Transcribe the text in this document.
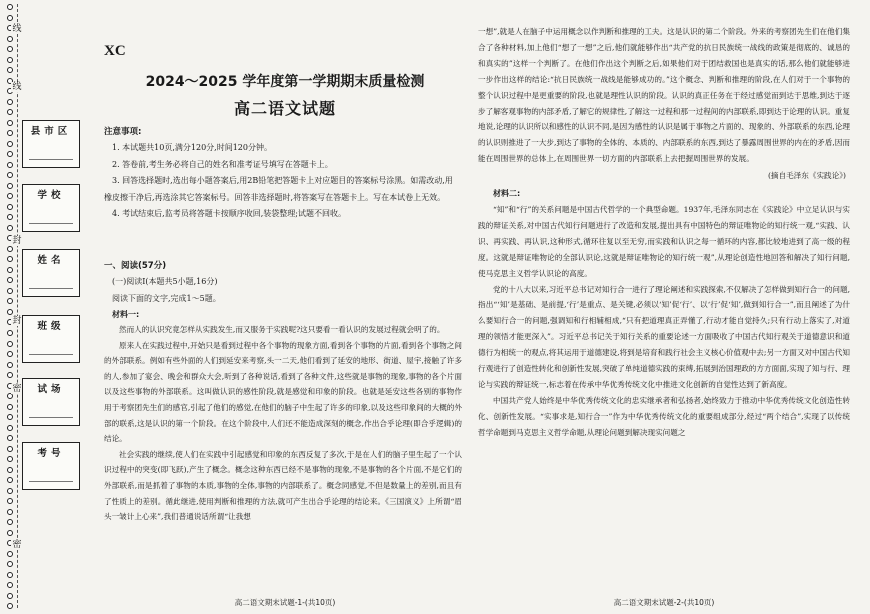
线
线
封
封
密
密
县市区
学校
姓名
班级
试场
考号
XC
2024～2025 学年度第一学期期末质量检测
高二语文试题
注意事项:

1. 本试题共10页,满分120分,时间120分钟。

2. 答卷前,考生务必将自己的姓名和准考证号填写在答题卡上。

3. 回答选择题时,选出每小题答案后,用2B铅笔把答题卡上对应题目的答案标号涂黑。如需改动,用橡皮擦干净后,再选涂其它答案标号。回答非选择题时,将答案写在答题卡上。写在本试卷上无效。

4. 考试结束后,监考员将答题卡按顺序收回,装袋整理;试题不回收。

一、阅读(57分)
(一)阅读Ⅰ(本题共5小题,16分)
阅读下面的文字,完成1～5题。
材料一:

然而人的认识究竟怎样从实践发生,而又服务于实践呢?这只要看一看认识的发展过程就会明了的。

原来人在实践过程中,开始只是看到过程中各个事物的现象方面,看到各个事物的片面,看到各个事物之间的外部联系。例如有些外面的人们到延安来考察,头一二天,他们看到了延安的地形、街道、屋宇,接触了许多的人,参加了宴会、晚会和群众大会,听到了各种说话,看到了各种文件,这些就是事物的现象,事物的各个片面以及这些事物的外部联系。这叫做认识的感性阶段,就是感觉和印象的阶段。也就是延安这些各别的事物作用于考察团先生们的感官,引起了他们的感觉,在他们的脑子中生起了许多的印象,以及这些印象间的大概的外部的联系,这是认识的第一个阶段。在这个阶段中,人们还不能造成深刻的概念,作出合乎论理(即合乎逻辑)的结论。

社会实践的继续,使人们在实践中引起感觉和印象的东西反复了多次,于是在人们的脑子里生起了一个认识过程中的突变(即飞跃),产生了概念。概念这种东西已经不是事物的现象,不是事物的各个片面,不是它们的外部联系,而是抓着了事物的本质,事物的全体,事物的内部联系了。概念同感觉,不但是数量上的差别,而且有了性质上的差别。循此继进,使用判断和推理的方法,就可产生出合乎论理的结论来。《三国演义》上所谓“眉头一皱计上心来”,我们普通说话所谓“让我想

高二语文期末试题-1-(共10页)

一想”,就是人在脑子中运用概念以作判断和推理的工夫。这是认识的第二个阶段。外来的考察团先生们在他们集合了各种材料,加上他们“想了一想”之后,他们就能够作出“共产党的抗日民族统一战线的政策是彻底的、诚恳的和真实的”这样一个判断了。在他们作出这个判断之后,如果他们对于团结救国也是真实的话,那么他们就能够进一步作出这样的结论:“抗日民族统一战线是能够成功的。”这个概念、判断和推理的阶段,在人们对于一个事物的整个认识过程中是更重要的阶段,也就是理性认识的阶段。认识的真正任务在于经过感觉而到达于思维,到达于逐步了解客观事物的内部矛盾,了解它的规律性,了解这一过程和那一过程间的内部联系,即到达于论理的认识。重复地说,论理的认识所以和感性的认识不同,是因为感性的认识是属于事物之片面的、现象的、外部联系的东西,论理的认识则推进了一大步,到达了事物的全体的、本质的、内部联系的东西,到达了暴露周围世界的内在的矛盾,因而能在周围世界的总体上,在周围世界一切方面的内部联系上去把握周围世界的发展。

(摘自毛泽东《实践论》)

材料二:

“知”和“行”的关系问题是中国古代哲学的一个典型命题。1937年,毛泽东同志在《实践论》中立足认识与实践的辩证关系,对中国古代知行问题进行了改造和发展,提出具有中国特色的辩证唯物论的知行统一观,“实践、认识、再实践、再认识,这种形式,循环往复以至无穷,而实践和认识之每一循环的内容,都比较地进到了高一级的程度。这就是辩证唯物论的全部认识论,这就是辩证唯物论的知行统一观”,从理论创造性地回答和解决了知行问题,使马克思主义哲学认识论的高度。

党的十八大以来,习近平总书记对知行合一进行了理论阐述和实践探索,不仅解决了怎样做到知行合一的问题,指出“‘知’是基础、是前提,‘行’是重点、是关键,必须以‘知’促‘行’、以‘行’促‘知’,做到知行合一”,而且阐述了为什么要知行合一的问题,强调知和行相辅相成,“只有把道理真正弄懂了,行动才能自觉持久;只有行动上落实了,对道理的领悟才能更深入”。习近平总书记关于知行关系的重要论述一方面吸收了中国古代知行观关于道德意识和道德行为相统一的观点,将其运用于道德建设,将到是培育和践行社会主义核心价值观中去;另一方面又对中国古代知行观进行了创造性转化和创新性发展,突破了单纯道德实践的束缚,拓展到治国理政的方方面面,实现了知与行、理论与实践的辩证统一,标志着在传承中华优秀传统文化中推进文化创新的自觉性达到了新高度。

中国共产党人始终是中华优秀传统文化的忠实继承者和弘扬者,始终致力于推动中华优秀传统文化创造性转化、创新性发展。“实事求是,知行合一”作为中华优秀传统文化的重要组成部分,经过“两个结合”,实现了以传统哲学命题到马克思主义哲学命题,从理论问题到解决现实问题之

高二语文期末试题-2-(共10页)
